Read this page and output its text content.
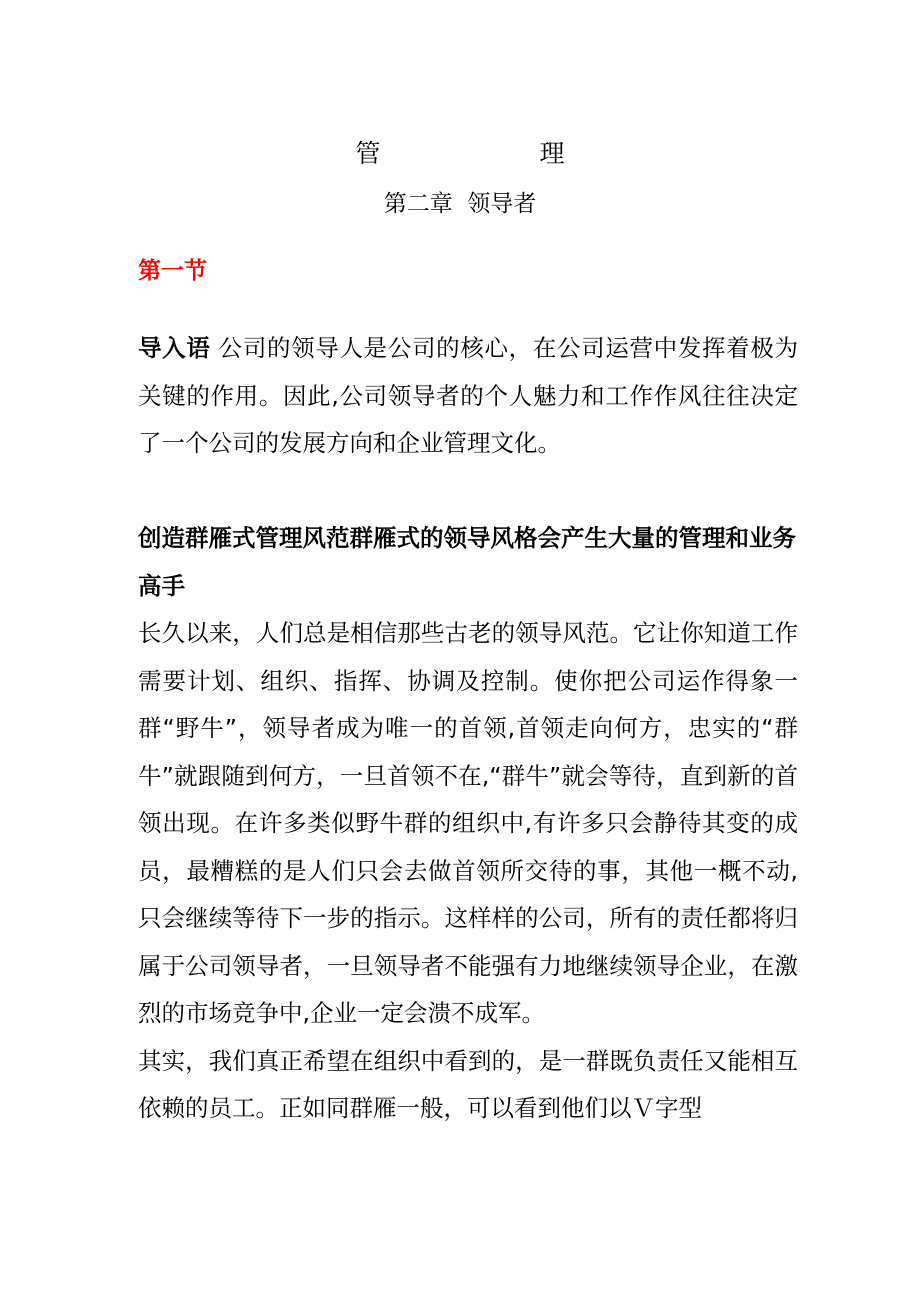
管                    理
第二章  领导者
第一节

导入语 公司的领导人是公司的核心，在公司运营中发挥着极为关键的作用。因此,公司领导者的个人魅力和工作作风往往决定了一个公司的发展方向和企业管理文化。

创造群雁式管理风范群雁式的领导风格会产生大量的管理和业务高手

长久以来，人们总是相信那些古老的领导风范。它让你知道工作需要计划、组织、指挥、协调及控制。使你把公司运作得象一群“野牛”，领导者成为唯一的首领,首领走向何方，忠实的“群牛”就跟随到何方，一旦首领不在,“群牛”就会等待，直到新的首领出现。在许多类似野牛群的组织中,有许多只会静待其变的成员，最糟糕的是人们只会去做首领所交待的事，其他一概不动,只会继续等待下一步的指示。这样样的公司，所有的责任都将归属于公司领导者，一旦领导者不能强有力地继续领导企业，在激烈的市场竞争中,企业一定会溃不成军。

其实，我们真正希望在组织中看到的，是一群既负责任又能相互依赖的员工。正如同群雁一般，可以看到他们以Ｖ字型
